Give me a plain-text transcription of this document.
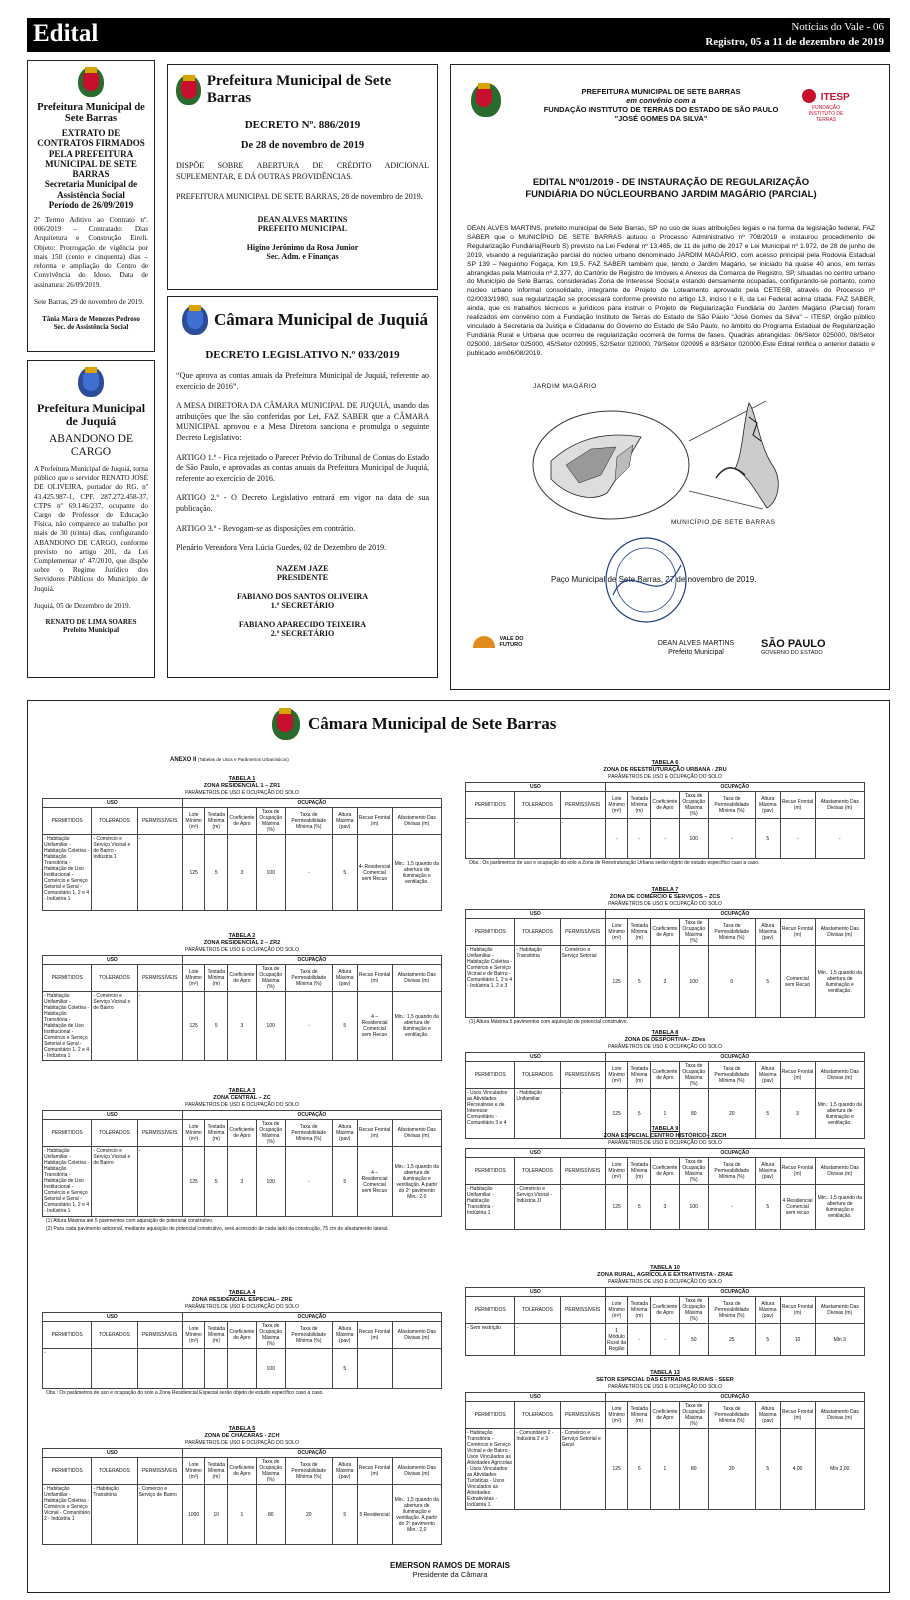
Edital	Notícias do Vale - 06
Registro, 05 a 11 de dezembro de 2019
Prefeitura Municipal de Sete Barras
EXTRATO DE CONTRATOS FIRMADOS PELA PREFEITURA MUNICIPAL DE SETE BARRAS
Secretaria Municipal de Assistência Social
Período de 26/09/2019
2º Termo Aditivo ao Contrato nº. 006/2019 – Contratado: Dias Arquitetura e Construção Eireli. Objeto: Prorrogação de vigência por mais 150 (cento e cinquenta) dias – reforma e ampliação do Centro de Convivência do Idoso. Data de assinatura: 26/09/2019.
Sete Barras, 29 de novembro de 2019.
Tânia Mara de Menezes Pedroso
Sec. de Assistência Social
Prefeitura Municipal de Juquiá
ABANDONO DE CARGO
A Prefeitura Municipal de Juquiá, torna público que o servidor RENATO JOSÉ DE OLIVEIRA, portador do RG. nº 43.425.987-1, CPF. 287.272.458-37, CTPS nº 69.146/237, ocupante do Cargo de Professor de Educação Física, não comparece ao trabalho por mais de 30 (trinta) dias, configurando ABANDONO DE CARGO, conforme previsto no artigo 201, da Lei Complementar nº 47/2010, que dispõe sobre o Regime Jurídico dos Servidores Públicos do Município de Juquiá.
Juquiá, 05 de Dezembro de 2019.
RENATO DE LIMA SOARES
Prefeito Municipal
Prefeitura Municipal de Sete Barras
DECRETO Nº. 886/2019
De 28 de novembro de 2019
DISPÕE SOBRE ABERTURA DE CRÉDITO ADICIONAL SUPLEMENTAR, E DÁ OUTRAS PROVIDÊNCIAS.
PREFEITURA MUNICIPAL DE SETE BARRAS, 28 de novembro de 2019.
DEAN ALVES MARTINS
PREFEITO MUNICIPAL
Higino Jerônimo da Rosa Junior
Sec. Adm. e Finanças
Câmara Municipal de Juquiá
DECRETO LEGISLATIVO N.º 033/2019
“Que aprova as contas anuais da Prefeitura Municipal de Juquiá, referente ao exercício de 2016”.
A MESA DIRETORA DA CÂMARA MUNICIPAL DE JUQUIÁ, usando das atribuições que lhe são conferidas por Lei, FAZ SABER que a CÂMARA MUNICIPAL aprovou e a Mesa Diretora sanciona e promulga o seguinte Decreto Legislativo:
ARTIGO 1.º - Fica rejeitado o Parecer Prévio do Tribunal de Contas do Estado de São Paulo, e aprovadas as contas anuais da Prefeitura Municipal de Juquiá, referente ao exercício de 2016.
ARTIGO 2.º - O Decreto Legislativo entrará em vigor na data de sua publicação.
ARTIGO 3.º - Revogam-se as disposições em contrário.
Plenário Vereadora Vera Lúcia Guedes, 02 de Dezembro de 2019.
NAZEM JAZE
PRESIDENTE
FABIANO DOS SANTOS OLIVEIRA
1.º SECRETÁRIO
FABIANO APARECIDO TEIXEIRA
2.º SECRETÁRIO
ITESP
FUNDAÇÃO INSTITUTO DE TERRAS
PREFEITURA MUNICIPAL DE SETE BARRAS
em convênio com a
FUNDAÇÃO INSTITUTO DE TERRAS DO ESTADO DE SÃO PAULO
"JOSÉ GOMES DA SILVA"
EDITAL Nº01/2019 - DE INSTAURAÇÃO DE REGULARIZAÇÃO FUNDIÁRIA DO NÚCLEOURBANO JARDIM MAGÁRIO (PARCIAL)
DEAN ALVES MARTINS, prefeito municipal de Sete Barras, SP no uso de suas atribuições legais e na forma da legislação federal, FAZ SABER que o MUNICÍPIO DE SETE BARRAS autuou o Processo Administrativo nº 708/2019 e instaurou procedimento de Regularização Fundiária(Reurb S) previsto na Lei Federal nº 13.465, de 11 de julho de 2017 e Lei Municipal nº 1.972, de 28 de junho de 2019, visando a regularização parcial do núcleo urbano denominado JARDIM MAGÁRIO, com acesso principal pela Rodovia Estadual SP 139 – Neguinho Fogaça, Km 19,5. FAZ SABER também que, tendo o Jardim Magário, se iniciado há quase 40 anos, em terras abrangidas pela Matrícula nº 2.377, do Cartório de Registro de Imóveis e Anexos da Comarca de Registro, SP, situadas no centro urbano do Município de Sete Barras, consideradas Zona de Interesse Social,e estando densamente ocupadas, configurando-se portanto, como núcleo urbano informal consolidado, integrante de Projeto de Loteamento aprovado pela CETESB, através do Processo nº 02/0033/1980, sua regularização se processará conforme previsto no artigo 13, inciso I e II, da Lei Federal acima citada. FAZ SABER, ainda, que os trabalhos técnicos e jurídicos para instruir o Projeto de Regularização Fundiária do Jardim Magário (Parcial) foram realizados em convênio com a Fundação Instituto de Terras do Estado de São Paulo "José Gomes da Silva" – ITESP, órgão público vinculado à Secretaria da Justiça e Cidadania do Governo do Estado de São Paulo, no âmbito do Programa Estadual de Regularização Fundiária Rural e Urbana que ocorreu de regularização ocorrerá de forma de fases. Quadras abrangidas: 06/Setor 025000, 08/Setor 025000, 18/Setor 025000, 45/Setor 020995, 52/Setor 020000, 79/Setor 020995 e 83/Setor 020000.Este Edital retifica o anterior datado e publicado em06/08/2019.
JARDIM MAGÁRIO
MUNICÍPIO DE SETE BARRAS
Paço Municipal de Sete Barras, 27 de novembro de 2019.
DEAN ALVES MARTINS
Prefeito Municipal
VALE DO
FUTURO	SÃO PAULO
GOVERNO DO ESTADO
Câmara Municipal de Sete Barras
ANEXO II (Tabelas de Usos e Parâmetros Urbanísticos)
TABELA 1
ZONA RESIDENCIAL 1 – ZR1
PARÂMETROS DE USO E OCUPAÇÃO DO SOLO
USO			OCUPAÇÃO							
PERMITIDOS	TOLERADOS	PERMISSÍVEIS	Lote Mínimo (m²)	Testada Mínima (m)	Coeficiente de Apro	Taxa de Ocupação Máxima (%)	Taxa de Permeabilidade Mínima (%)	Altura Máxima (pav)	Recuo Frontal (m)	Afastamento Das Divisas (m)
- Habitação Unifamiliar - Habitação Coletiva - Habitação Transitória - Habitação de Uso Institucional - Comércio e Serviço Setorial e Geral - Comunitário 1, 2 e 4 - Indústria 1	- Comércio e Serviço Vicinal e de Bairro - Indústria 1	-	125	5	3	100	-	5	4- Residencial Comercial sem Recuo	Min.: 1,5 quando da abertura de iluminação e ventilação.
TABELA 2
ZONA RESIDENCIAL 2 – ZR2
PARÂMETROS DE USO E OCUPAÇÃO DO SOLO
USO			OCUPAÇÃO							
PERMITIDOS	TOLERADOS	PERMISSÍVEIS	Lote Mínimo (m²)	Testada Mínima (m)	Coeficiente de Apro	Taxa de Ocupação Máxima (%)	Taxa de Permeabilidade Mínima (%)	Altura Máxima (pav)	Recuo Frontal (m)	Afastamento Das Divisas (m)
- Habitação Unifamiliar - Habitação Coletiva - Habitação Transitória - Habitação de Uso Institucional - Comércio e Serviço Setorial e Geral - Comunitário 1, 2 e 4 - Indústria 1	- Comércio e Serviço Vicinal e de Bairro	-	125	5	3	100	-	5	4 – Residencial Comercial sem Recuo	Min.: 1,5 quando da abertura de iluminação e ventilação.
TABELA 3
ZONA CENTRAL – ZC
PARÂMETROS DE USO E OCUPAÇÃO DO SOLO
USO			OCUPAÇÃO							
PERMITIDOS	TOLERADOS	PERMISSÍVEIS	Lote Mínimo (m²)	Testada Mínima (m)	Coeficiente de Apro	Taxa de Ocupação Máxima (%)	Taxa de Permeabilidade Mínima (%)	Altura Máxima (pav)	Recuo Frontal (m)	Afastamento Das Divisas (m)
- Habitação Unifamiliar - Habitação Coletiva - Habitação Transitória - Habitação de Uso Institucional - Comércio e Serviço Setorial e Geral - Comunitário 1, 2 e 4 - Indústria 1	- Comércio e Serviço Vicinal e de Bairro	-	125	5	3	100	-	5	4 – Residencial Comercial sem Recuo	Min.: 1,5 quando da abertura de iluminação e ventilação. A partir do 2º pavimento Min.: 2,0
(1) Altura Máxima até 5 pavimentos com aquisição de potencial construtivo.
(2) Para cada pavimento adicional, mediante aquisição de potencial construtivo, será acrescido de cada lado da construção, 75 cm de afastamento lateral.
TABELA 4
ZONA RESIDENCIAL ESPECIAL– ZRE
PARÂMETROS DE USO E OCUPAÇÃO DO SOLO
USO			OCUPAÇÃO							
PERMITIDOS	TOLERADOS	PERMISSÍVEIS	Lote Mínimo (m²)	Testada Mínima (m)	Coeficiente de Apro	Taxa de Ocupação Máxima (%)	Taxa de Permeabilidade Mínima (%)	Altura Máxima (pav)	Recuo Frontal (m)	Afastamento Das Divisas (m)
-						100		5		
Obs.: Os parâmetros de uso e ocupação do solo a Zona Residencial Especial serão objeto de estudo específico caso a caso.
TABELA 5
ZONA DE CHÁCARAS - ZCH
PARÂMETROS DE USO E OCUPAÇÃO DO SOLO
USO			OCUPAÇÃO							
PERMITIDOS	TOLERADOS	PERMISSÍVEIS	Lote Mínimo (m²)	Testada Mínima (m)	Coeficiente de Apro	Taxa de Ocupação Máxima (%)	Taxa de Permeabilidade Mínima (%)	Altura Máxima (pav)	Recuo Frontal (m)	Afastamento Das Divisas (m)
- Habitação Unifamiliar - Habitação Coletiva - Comércio e Serviço Vicinal - Comunitário 2 - Indústria 1	- Habitação Transitória	- Comércio e Serviço de Bairro	1000	10	1	80	20	5	5 Residencial	Min.: 1,5 quando da abertura de iluminação e ventilação. A partir do 2º pavimento Min.: 2,0
TABELA 6
ZONA DE REESTRUTURAÇÃO URBANA - ZRU
PARÂMETROS DE USO E OCUPAÇÃO DO SOLO
USO			OCUPAÇÃO							
PERMITIDOS	TOLERADOS	PERMISSÍVEIS	Lote Mínimo (m²)	Testada Mínima (m)	Coeficiente de Apro	Taxa de Ocupação Máxima (%)	Taxa de Permeabilidade Mínima (%)	Altura Máxima (pav)	Recuo Frontal (m)	Afastamento Das Divisas (m)
-	-	-	-	-	-	100	-	5	-	-
Obs.: Os parâmetros de uso e ocupação do solo a Zona de Reestruturação Urbana serão objeto de estudo específico caso a caso.
TABELA 7
ZONA DE COMÉRCIO E SERVIÇOS – ZCS
PARÂMETROS DE USO E OCUPAÇÃO DO SOLO
USO			OCUPAÇÃO							
PERMITIDOS	TOLERADOS	PERMISSÍVEIS	Lote Mínimo (m²)	Testada Mínima (m)	Coeficiente de Apro	Taxa de Ocupação Máxima (%)	Taxa de Permeabilidade Mínima (%)	Altura Máxima (pav)	Recuo Frontal (m)	Afastamento Das Divisas (m)
- Habitação Unifamiliar - Habitação Coletiva - Comércio e Serviço Vicinal e de Bairro - Comunitário 1, 2 e 4 - Indústria 1, 2 e 3	- Habitação Transitória	- Comércio e Serviço Setorial	125	5	3	100	0	5	Comercial sem Recuo	Min.: 1,5 quando da abertura de iluminação e ventilação.
(1) Altura Máxima 5 pavimentos com aquisição de potencial construtivo.
TABELA 8
ZONA DE DESPORTIVA– ZDes
PARÂMETROS DE USO E OCUPAÇÃO DO SOLO
USO			OCUPAÇÃO							
PERMITIDOS	TOLERADOS	PERMISSÍVEIS	Lote Mínimo (m²)	Testada Mínima (m)	Coeficiente de Apro	Taxa de Ocupação Máxima (%)	Taxa de Permeabilidade Mínima (%)	Altura Máxima (pav)	Recuo Frontal (m)	Afastamento Das Divisas (m)
- Usos Vinculados as Atividades Recreativas e de Interesse Comunitário - Comunitário 3 e 4	- Habitação Unifamiliar	-	125	5	1	80	20	5	3	Min.: 1,5 quando da abertura de iluminação e ventilação.
TABELA 9
ZONA ESPECIAL CENTRO HISTÓRICO– ZECH
PARÂMETROS DE USO E OCUPAÇÃO DO SOLO
USO			OCUPAÇÃO							
PERMITIDOS	TOLERADOS	PERMISSÍVEIS	Lote Mínimo (m²)	Testada Mínima (m)	Coeficiente de Apro	Taxa de Ocupação Máxima (%)	Taxa de Permeabilidade Mínima (%)	Altura Máxima (pav)	Recuo Frontal (m)	Afastamento Das Divisas (m)
- Habitação Unifamiliar - Habitação Transitória - Indústria 1	- Comércio e Serviço Vicinal - Indústria 1I	-	125	5	3	100	-	5	4 Residencial Comercial sem recuo	Min.: 1,5 quando da abertura de iluminação e ventilação.
TABELA 10
ZONA RURAL, AGRÍCOLA E EXTRATIVISTA - ZRAE
PARÂMETROS DE USO E OCUPAÇÃO DO SOLO
USO			OCUPAÇÃO							
PERMITIDOS	TOLERADOS	PERMISSÍVEIS	Lote Mínimo (m²)	Testada Mínima (m)	Coeficiente de Apro	Taxa de Ocupação Máxima (%)	Taxa de Permeabilidade Mínima (%)	Altura Máxima (pav)	Recuo Frontal (m)	Afastamento Das Divisas (m)
- Sem restrição	-	-	1 Módulo Rural da Região	-	-	50	25	5	10	Min 3
TABELA 13
SETOR ESPECIAL DAS ESTRADAS RURAIS - SEER
PARÂMETROS DE USO E OCUPAÇÃO DO SOLO
USO			OCUPAÇÃO							
PERMITIDOS	TOLERADOS	PERMISSÍVEIS	Lote Mínimo (m²)	Testada Mínima (m)	Coeficiente de Apro	Taxa de Ocupação Máxima (%)	Taxa de Permeabilidade Mínima (%)	Altura Máxima (pav)	Recuo Frontal (m)	Afastamento Das Divisas (m)
- Habitação Transitória - Comércio e Serviço Vicinal e de Bairro - Usos Vinculados as Atividades Agrícolas - Usos Vinculados as Atividades Turísticas - Usos Vinculados as Atividades Extrativistas - Indústria 1	- Comunitário 2 - Indústria 2 e 3	- Comércio e Serviço Setorial e Geral	125	5	1	80	20	5	4,00	Min 2,00
EMERSON RAMOS DE MORAIS
Presidente da Câmara
